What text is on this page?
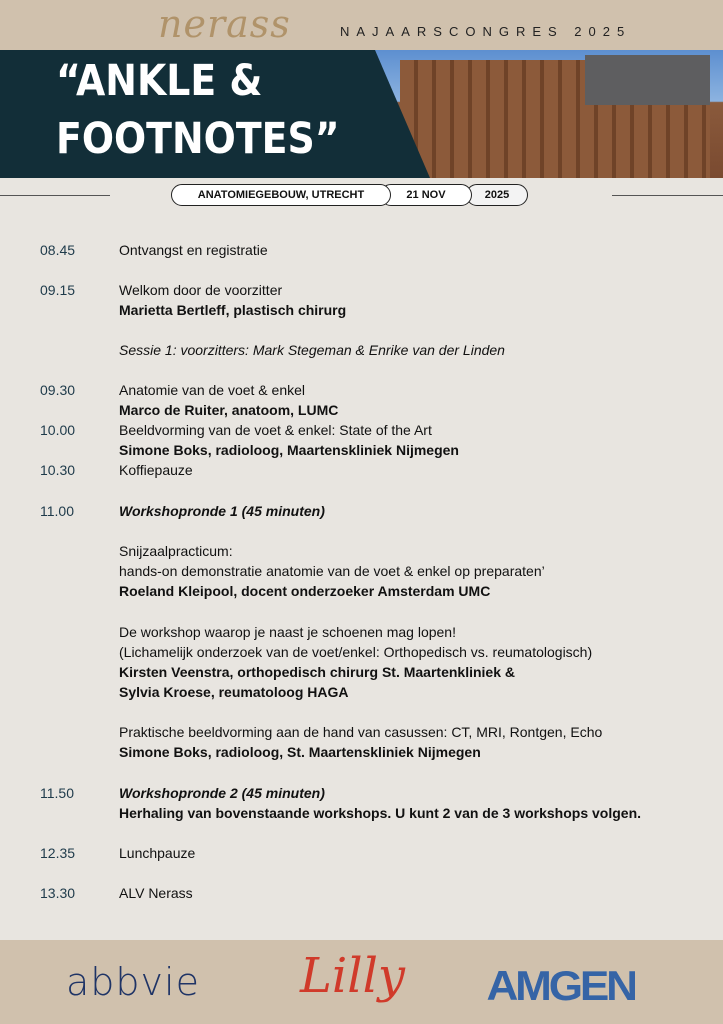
nerass	NAJAARSCONGRES 2025
“ANKLE &
FOOTNOTES”
2025
21 NOV
ANATOMIEGEBOUW, UTRECHT
08.45	Ontvangst en registratie
09.15	Welkom door de voorzitter
Marietta Bertleff, plastisch chirurg
Sessie 1: voorzitters: Mark Stegeman & Enrike van der Linden
09.30	Anatomie van de voet & enkel
Marco de Ruiter, anatoom, LUMC
10.00	Beeldvorming van de voet & enkel: State of the Art
Simone Boks, radioloog, Maartenskliniek Nijmegen
10.30	Koffiepauze
11.00	Workshopronde 1 (45 minuten)
Snijzaalpracticum:
hands-on demonstratie anatomie van de voet & enkel op preparaten’
Roeland Kleipool, docent onderzoeker Amsterdam UMC
De workshop waarop je naast je schoenen mag lopen!
(Lichamelijk onderzoek van de voet/enkel: Orthopedisch vs. reumatologisch)
Kirsten Veenstra, orthopedisch chirurg St. Maartenkliniek &
Sylvia Kroese, reumatoloog HAGA
Praktische beeldvorming aan de hand van casussen: CT, MRI, Rontgen, Echo
Simone Boks, radioloog, St. Maartenskliniek Nijmegen
11.50	Workshopronde 2 (45 minuten)
Herhaling van bovenstaande workshops. U kunt 2 van de 3 workshops volgen.
12.35	Lunchpauze
13.30	ALV Nerass
abbvie Lilly AMGEN
